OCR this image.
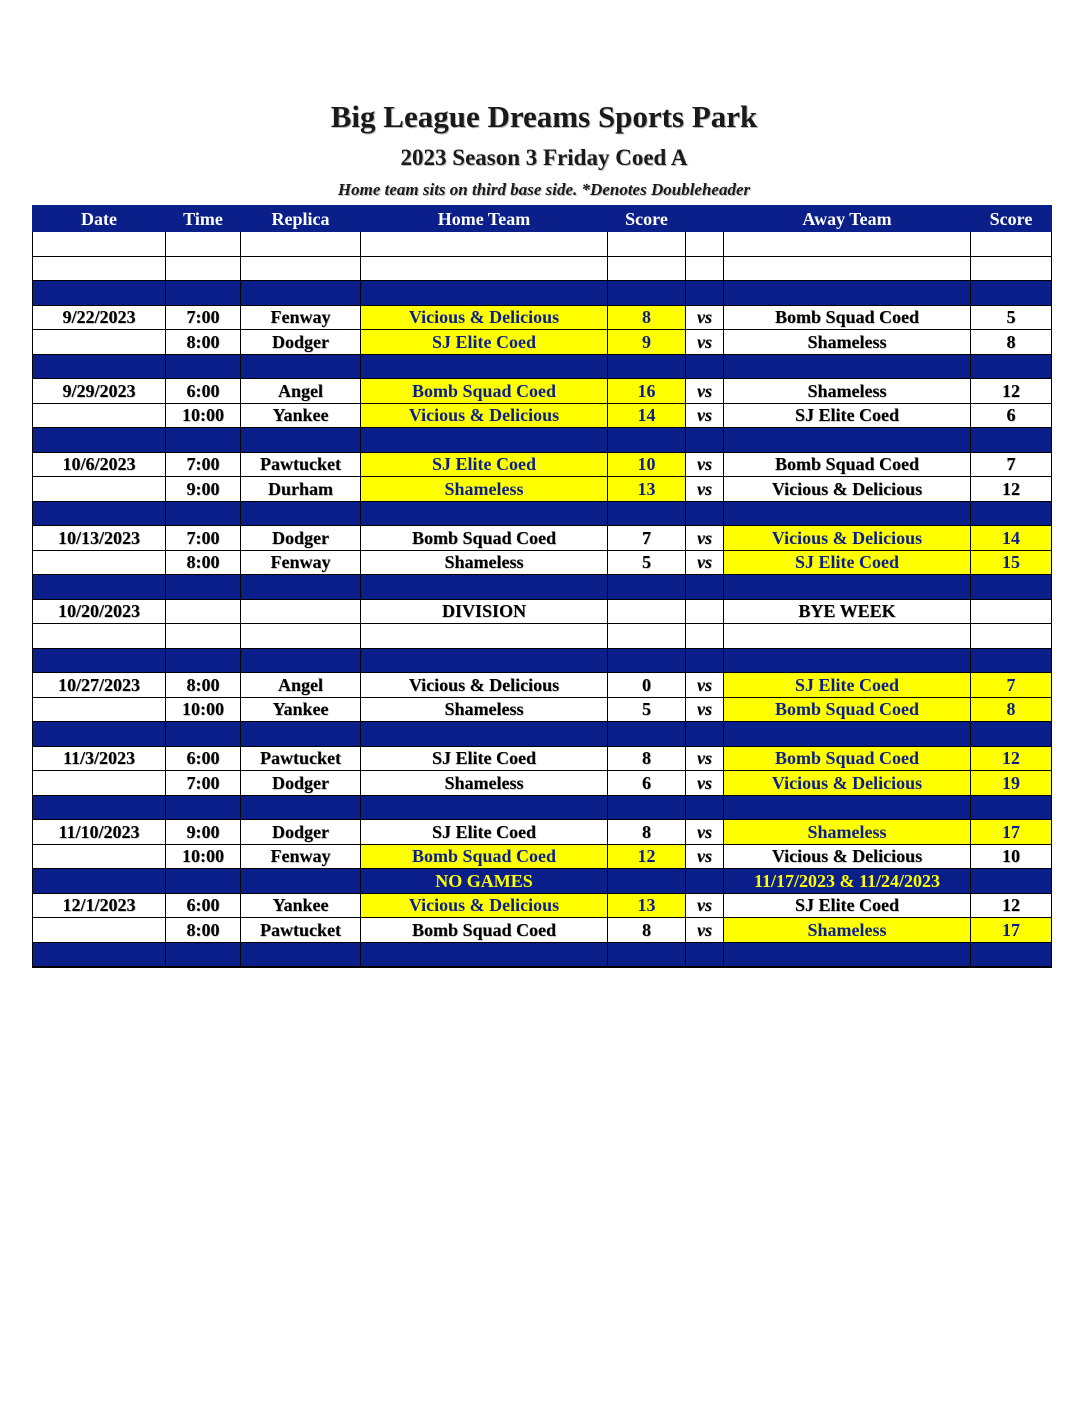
Big League Dreams Sports Park
2023 Season 3 Friday Coed A
Home team sits on third base side. *Denotes Doubleheader
Date	Time	Replica	Home Team	Score		Away Team	Score

9/22/2023	7:00	Fenway	Vicious & Delicious	8	vs	Bomb Squad Coed	5
	8:00	Dodger	SJ Elite Coed	9	vs	Shameless	8

9/29/2023	6:00	Angel	Bomb Squad Coed	16	vs	Shameless	12
	10:00	Yankee	Vicious & Delicious	14	vs	SJ Elite Coed	6

10/6/2023	7:00	Pawtucket	SJ Elite Coed	10	vs	Bomb Squad Coed	7
	9:00	Durham	Shameless	13	vs	Vicious & Delicious	12

10/13/2023	7:00	Dodger	Bomb Squad Coed	7	vs	Vicious & Delicious	14
	8:00	Fenway	Shameless	5	vs	SJ Elite Coed	15

10/20/2023			DIVISION			BYE WEEK	

10/27/2023	8:00	Angel	Vicious & Delicious	0	vs	SJ Elite Coed	7
	10:00	Yankee	Shameless	5	vs	Bomb Squad Coed	8

11/3/2023	6:00	Pawtucket	SJ Elite Coed	8	vs	Bomb Squad Coed	12
	7:00	Dodger	Shameless	6	vs	Vicious & Delicious	19

11/10/2023	9:00	Dodger	SJ Elite Coed	8	vs	Shameless	17
	10:00	Fenway	Bomb Squad Coed	12	vs	Vicious & Delicious	10
			NO GAMES			11/17/2023 & 11/24/2023	
12/1/2023	6:00	Yankee	Vicious & Delicious	13	vs	SJ Elite Coed	12
	8:00	Pawtucket	Bomb Squad Coed	8	vs	Shameless	17
